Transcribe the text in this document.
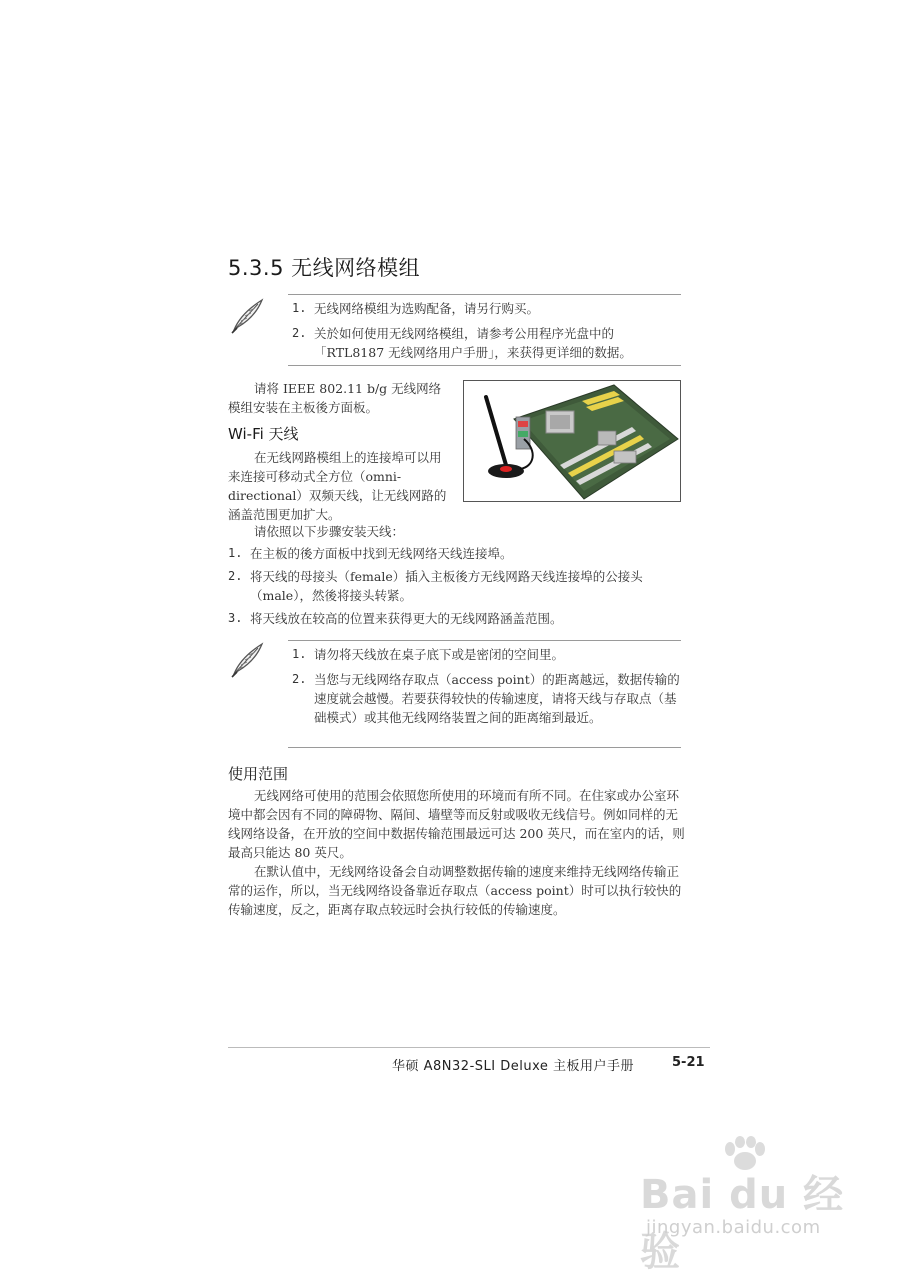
5.3.5 无线网络模组
1. 无线网络模组为选购配备，请另行购买。
2. 关於如何使用无线网络模组，请参考公用程序光盘中的「RTL8187 无线网络用户手册」，来获得更详细的数据。
请将 IEEE 802.11 b/g 无线网络模组安装在主板後方面板。
Wi-Fi 天线
在无线网路模组上的连接埠可以用来连接可移动式全方位（omni-directional）双频天线，让无线网路的涵盖范围更加扩大。
请依照以下步骤安装天线：
1. 在主板的後方面板中找到无线网络天线连接埠。
2. 将天线的母接头（female）插入主板後方无线网路天线连接埠的公接头（male），然後将接头转紧。
3. 将天线放在较高的位置来获得更大的无线网路涵盖范围。
1. 请勿将天线放在桌子底下或是密闭的空间里。
2. 当您与无线网络存取点（access point）的距离越远，数据传输的速度就会越慢。若要获得较快的传输速度，请将天线与存取点（基础模式）或其他无线网络装置之间的距离缩到最近。
使用范围
无线网络可使用的范围会依照您所使用的环境而有所不同。在住家或办公室环境中都会因有不同的障碍物、隔间、墙壁等而反射或吸收无线信号。例如同样的无线网络设备，在开放的空间中数据传输范围最远可达 200 英尺，而在室内的话，则最高只能达 80 英尺。
在默认值中，无线网络设备会自动调整数据传输的速度来维持无线网络传输正常的运作，所以，当无线网络设备靠近存取点（access point）时可以执行较快的传输速度，反之，距离存取点较远时会执行较低的传输速度。
华硕 A8N32-SLI Deluxe 主板用户手册	5-21
Bai du 经验
jingyan.baidu.com
